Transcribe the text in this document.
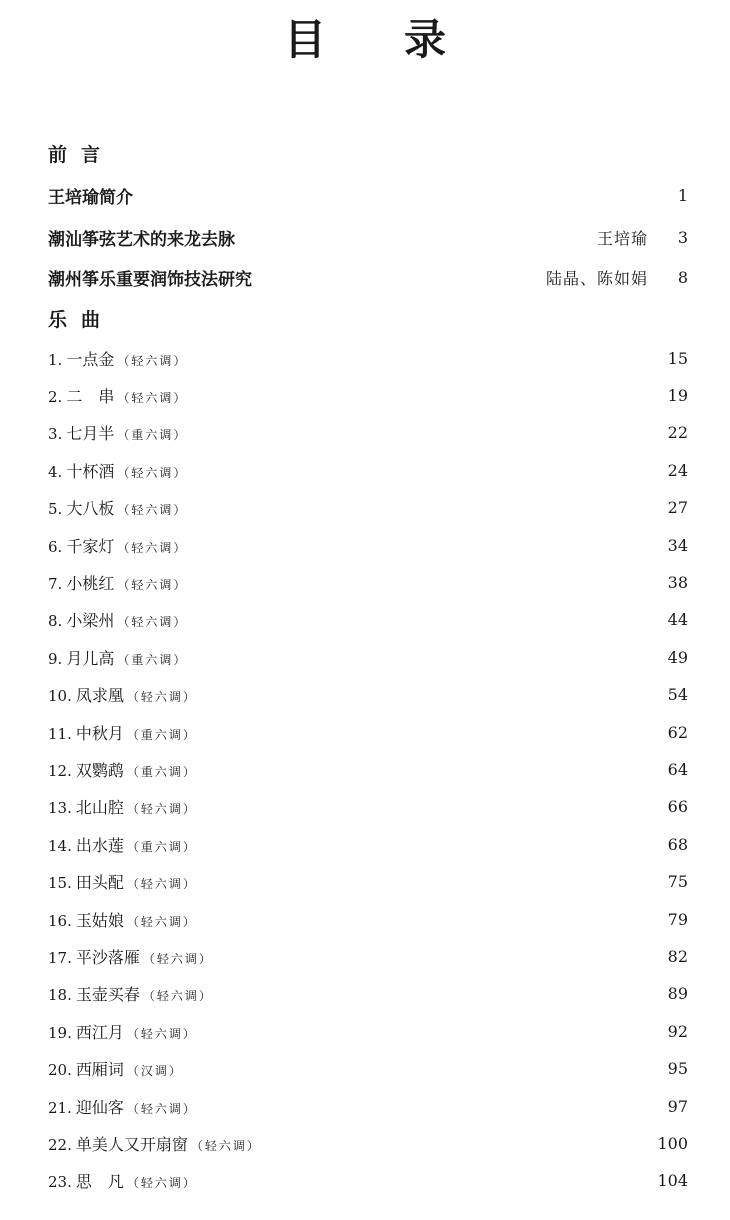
目 录
前言
王培瑜简介	1
潮汕筝弦艺术的来龙去脉	王培瑜	3
潮州筝乐重要润饰技法研究	陆晶、陈如娟	8
乐曲
1. 一点金 （轻六调）	15
2. 二　串 （轻六调）	19
3. 七月半 （重六调）	22
4. 十杯酒 （轻六调）	24
5. 大八板 （轻六调）	27
6. 千家灯 （轻六调）	34
7. 小桃红 （轻六调）	38
8. 小梁州 （轻六调）	44
9. 月儿高 （重六调）	49
10. 凤求凰 （轻六调）	54
11. 中秋月 （重六调）	62
12. 双鹦鹉 （重六调）	64
13. 北山腔 （轻六调）	66
14. 出水莲 （重六调）	68
15. 田头配 （轻六调）	75
16. 玉姑娘 （轻六调）	79
17. 平沙落雁 （轻六调）	82
18. 玉壶买春 （轻六调）	89
19. 西江月 （轻六调）	92
20. 西厢词 （汉调）	95
21. 迎仙客 （轻六调）	97
22. 单美人又开扇窗 （轻六调）	100
23. 思　凡 （轻六调）	104
